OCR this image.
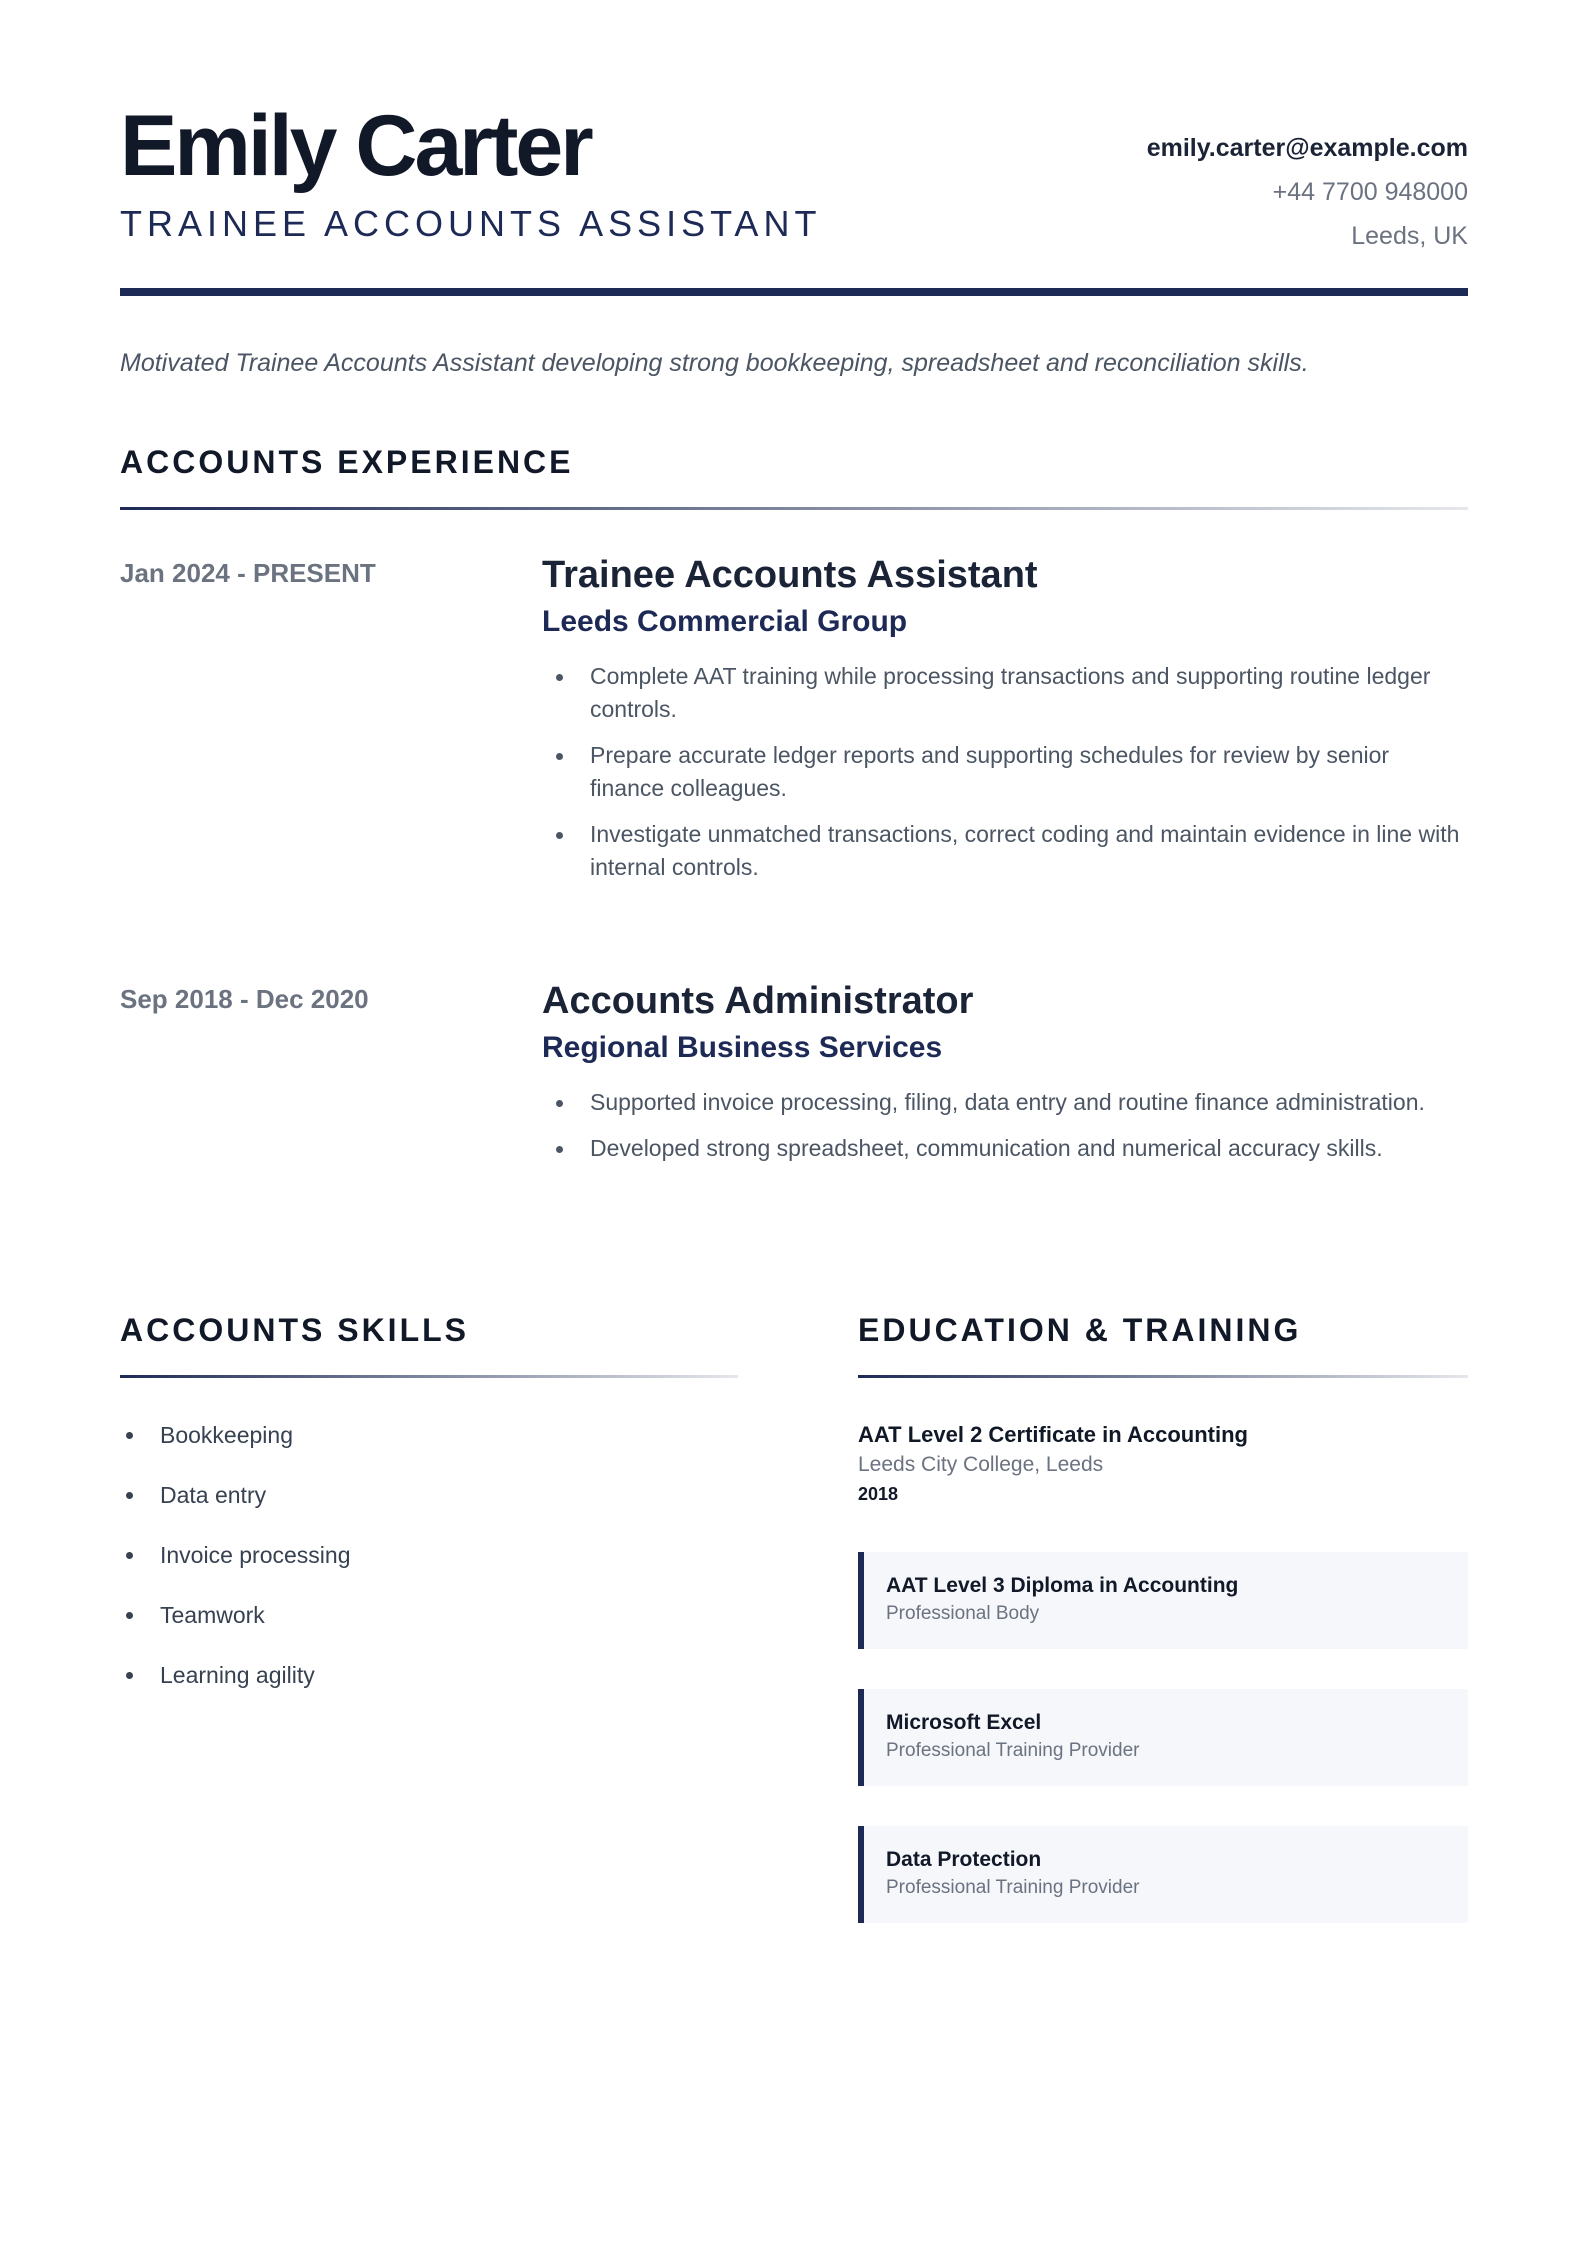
Emily Carter
TRAINEE ACCOUNTS ASSISTANT
emily.carter@example.com
+44 7700 948000
Leeds, UK

Motivated Trainee Accounts Assistant developing strong bookkeeping, spreadsheet and reconciliation skills.

ACCOUNTS EXPERIENCE
Jan 2024 - PRESENT	Trainee Accounts Assistant
Leeds Commercial Group
Complete AAT training while processing transactions and supporting routine ledger controls.
Prepare accurate ledger reports and supporting schedules for review by senior finance colleagues.
Investigate unmatched transactions, correct coding and maintain evidence in line with internal controls.
Sep 2018 - Dec 2020	Accounts Administrator
Regional Business Services
Supported invoice processing, filing, data entry and routine finance administration.
Developed strong spreadsheet, communication and numerical accuracy skills.
ACCOUNTS SKILLS
Bookkeeping
Data entry
Invoice processing
Teamwork
Learning agility
EDUCATION & TRAINING
AAT Level 2 Certificate in Accounting
Leeds City College, Leeds
2018
AAT Level 3 Diploma in Accounting
Professional Body
Microsoft Excel
Professional Training Provider
Data Protection
Professional Training Provider
